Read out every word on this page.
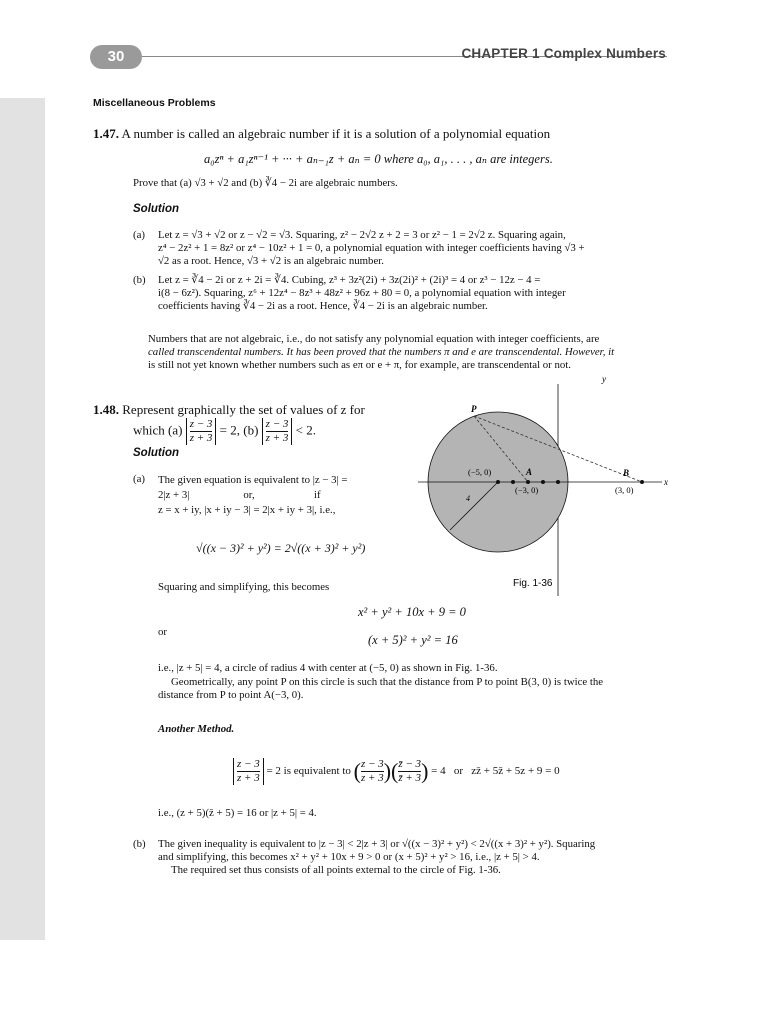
30	CHAPTER 1 Complex Numbers
Miscellaneous Problems
1.47. A number is called an algebraic number if it is a solution of a polynomial equation
a₀zⁿ + a₁zⁿ⁻¹ + ··· + aₙ₋₁z + aₙ = 0 where a₀, a₁, . . . , aₙ are integers.
Prove that (a) √3 + √2 and (b) ∛4 − 2i are algebraic numbers.
Solution
(a) Let z = √3 + √2 or z − √2 = √3. Squaring, z² − 2√2 z + 2 = 3 or z² − 1 = 2√2 z. Squaring again,
z⁴ − 2z² + 1 = 8z² or z⁴ − 10z² + 1 = 0, a polynomial equation with integer coefficients having √3 +
√2 as a root. Hence, √3 + √2 is an algebraic number.
(b) Let z = ∛4 − 2i or z + 2i = ∛4. Cubing, z³ + 3z²(2i) + 3z(2i)² + (2i)³ = 4 or z³ − 12z − 4 =
i(8 − 6z²). Squaring, z⁶ + 12z⁴ − 8z³ + 48z² + 96z + 80 = 0, a polynomial equation with integer
coefficients having ∛4 − 2i as a root. Hence, ∛4 − 2i is an algebraic number.
Numbers that are not algebraic, i.e., do not satisfy any polynomial equation with integer coefficients, are
called transcendental numbers. It has been proved that the numbers π and e are transcendental. However, it
is still not yet known whether numbers such as eπ or e + π, for example, are transcendental or not.
1.48. Represent graphically the set of values of z for
which $(a) \frac{z - 3}{z + 3} = 2$, $(b) \frac{z - 3}{z + 3} < 2$.
Solution
(a) The given equation is equivalent to |z − 3| =
2|z + 3|                    or,                      if
z = x + iy, |x + iy − 3| = 2|x + iy + 3|, i.e.,
√((x − 3)² + y²) = 2√((x + 3)² + y²)
Squaring and simplifying, this becomes
y
x
P
A	B
(−5, 0)
(−3, 0)	(3, 0)
4
Fig. 1-36
x² + y² + 10x + 9 = 0
or
(x + 5)² + y² = 16
i.e., |z + 5| = 4, a circle of radius 4 with center at (−5, 0) as shown in Fig. 1-36.
Geometrically, any point P on this circle is such that the distance from P to point B(3, 0) is twice the
distance from P to point A(−3, 0).
Another Method.
$\frac{z - 3}{z + 3} = 2$ is equivalent to ( $\frac{z - 3}{z + 3}$ )( $\frac{z̄ - 3}{z̄ + 3}$ ) = 4   or   zz̄ + 5z̄ + 5z + 9 = 0
i.e., (z + 5)(z̄ + 5) = 16 or |z + 5| = 4.
(b) The given inequality is equivalent to |z − 3| < 2|z + 3| or √((x − 3)² + y²) < 2√((x + 3)² + y²). Squaring
and simplifying, this becomes x² + y² + 10x + 9 > 0 or (x + 5)² + y² > 16, i.e., |z + 5| > 4.
The required set thus consists of all points external to the circle of Fig. 1-36.
